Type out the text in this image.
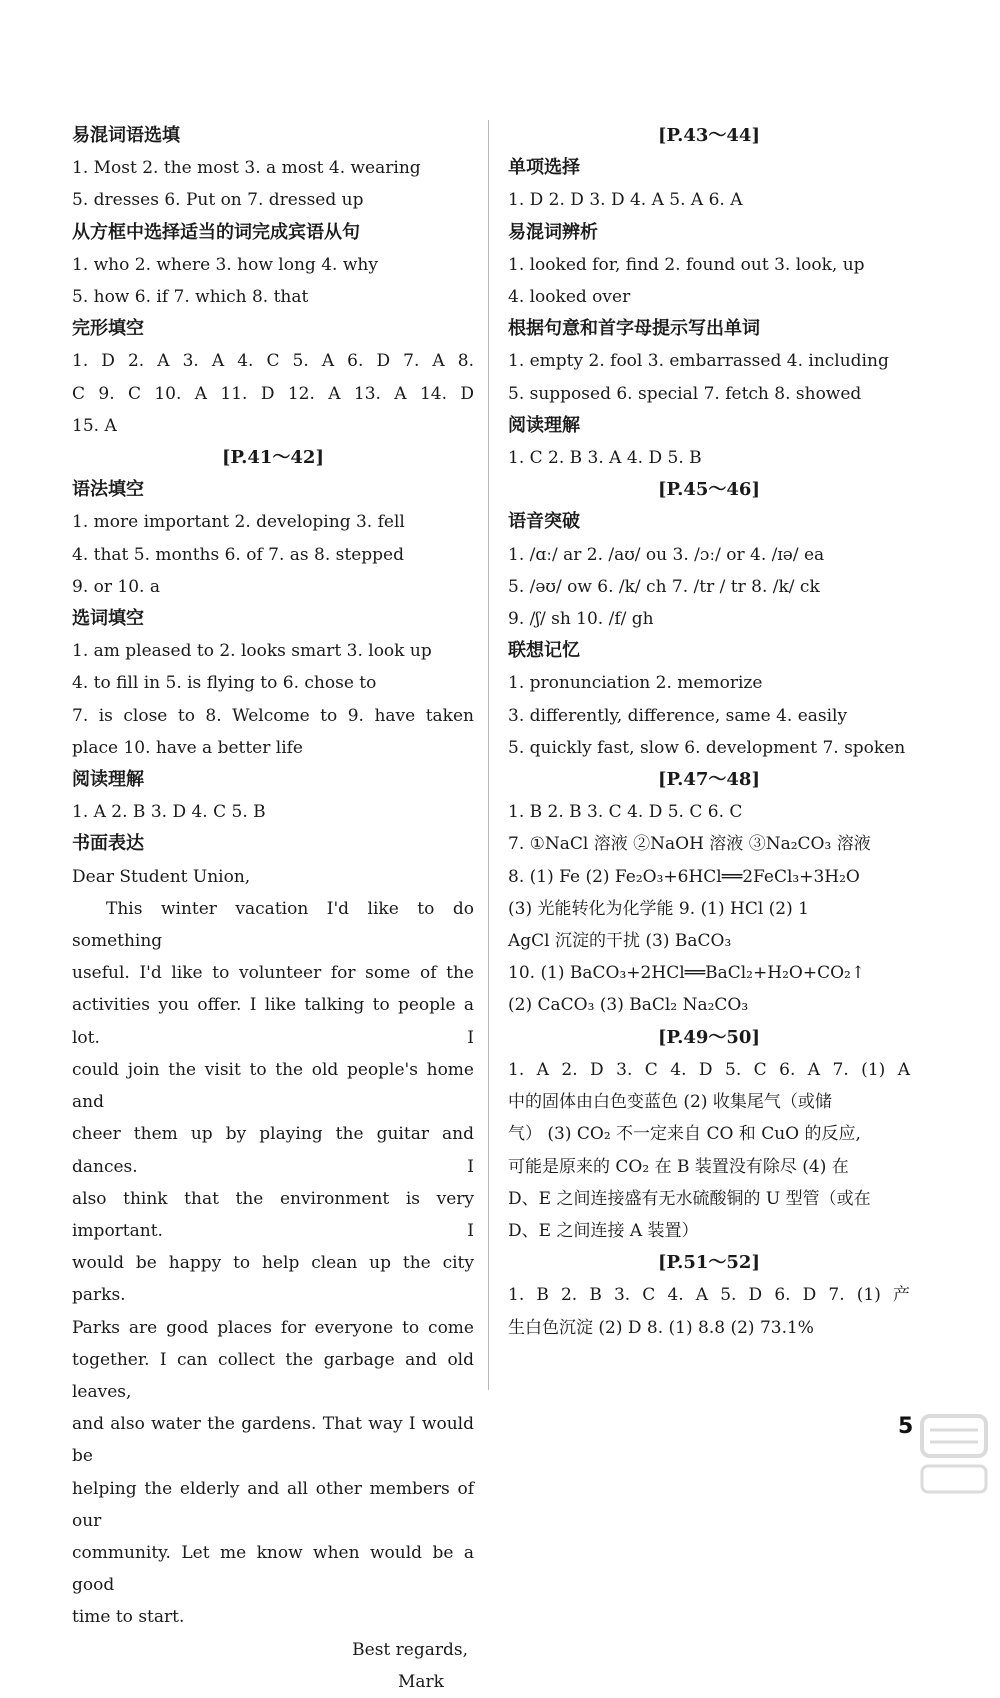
易混词语选填
1. Most 2. the most 3. a most 4. wearing
5. dresses 6. Put on 7. dressed up
从方框中选择适当的词完成宾语从句
1. who 2. where 3. how long 4. why
5. how 6. if 7. which 8. that
完形填空
1. D 2. A 3. A 4. C 5. A 6. D 7. A 8.
C 9. C 10. A 11. D 12. A 13. A 14. D
15. A
[P.41～42]
语法填空
1. more important 2. developing 3. fell
4. that 5. months 6. of 7. as 8. stepped
9. or 10. a
选词填空
1. am pleased to 2. looks smart 3. look up
4. to fill in 5. is flying to 6. chose to
7. is close to 8. Welcome to 9. have taken
place 10. have a better life
阅读理解
1. A 2. B 3. D 4. C 5. B
书面表达
Dear Student Union,
This winter vacation I'd like to do something
useful. I'd like to volunteer for some of the
activities you offer. I like talking to people a lot. I
could join the visit to the old people's home and
cheer them up by playing the guitar and dances. I
also think that the environment is very important. I
would be happy to help clean up the city parks.
Parks are good places for everyone to come
together. I can collect the garbage and old leaves,
and also water the gardens. That way I would be
helping the elderly and all other members of our
community. Let me know when would be a good
time to start.
Best regards,
Mark
[P.43～44]
单项选择
1. D 2. D 3. D 4. A 5. A 6. A
易混词辨析
1. looked for, find 2. found out 3. look, up
4. looked over
根据句意和首字母提示写出单词
1. empty 2. fool 3. embarrassed 4. including
5. supposed 6. special 7. fetch 8. showed
阅读理解
1. C 2. B 3. A 4. D 5. B
[P.45～46]
语音突破
1. /ɑː/ ar 2. /aʊ/ ou 3. /ɔː/ or 4. /ɪə/ ea
5. /əʊ/ ow 6. /k/ ch 7. /tr / tr 8. /k/ ck
9. /ʃ/ sh 10. /f/ gh
联想记忆
1. pronunciation 2. memorize
3. differently, difference, same 4. easily
5. quickly fast, slow 6. development 7. spoken
[P.47～48]
1. B 2. B 3. C 4. D 5. C 6. C
7. ①NaCl 溶液 ②NaOH 溶液 ③Na₂CO₃ 溶液
8. (1) Fe (2) Fe₂O₃+6HCl══2FeCl₃+3H₂O
(3) 光能转化为化学能 9. (1) HCl (2) 1
AgCl 沉淀的干扰 (3) BaCO₃
10. (1) BaCO₃+2HCl══BaCl₂+H₂O+CO₂↑
(2) CaCO₃ (3) BaCl₂ Na₂CO₃
[P.49～50]
1. A 2. D 3. C 4. D 5. C 6. A 7. (1) A
中的固体由白色变蓝色 (2) 收集尾气（或储
气） (3) CO₂ 不一定来自 CO 和 CuO 的反应,
可能是原来的 CO₂ 在 B 装置没有除尽 (4) 在
D、E 之间连接盛有无水硫酸铜的 U 型管（或在
D、E 之间连接 A 装置）
[P.51～52]
1. B 2. B 3. C 4. A 5. D 6. D 7. (1) 产
生白色沉淀 (2) D 8. (1) 8.8 (2) 73.1%
5
